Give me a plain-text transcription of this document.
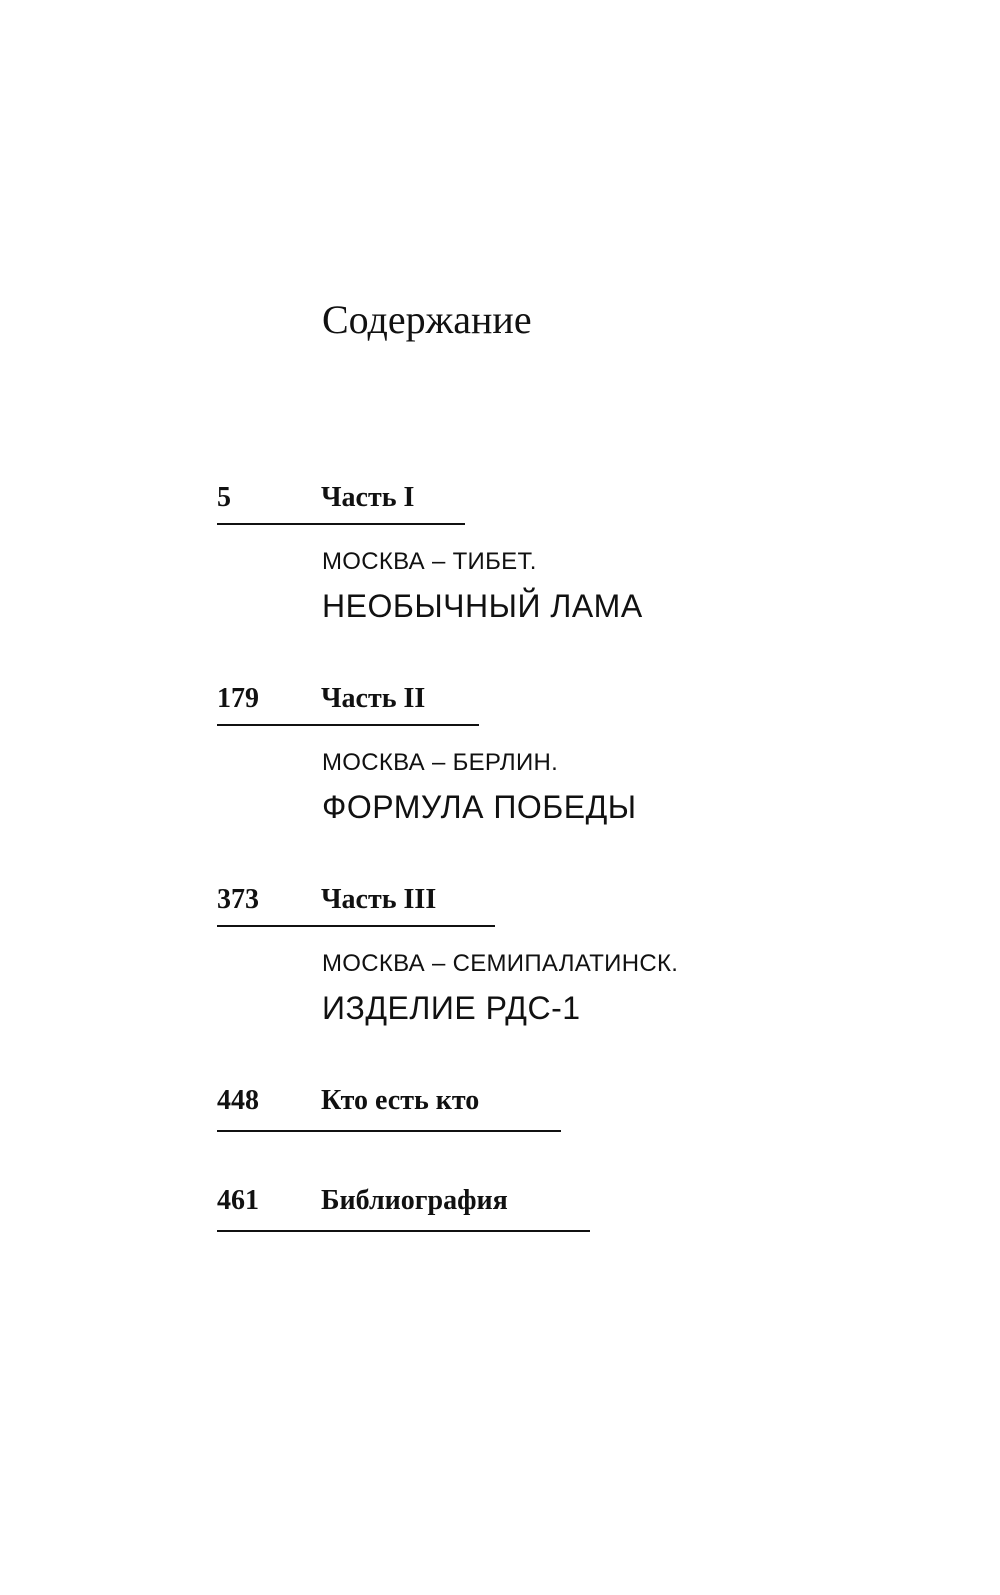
Содержание
5	Часть I
МОСКВА – ТИБЕТ.
НЕОБЫЧНЫЙ ЛАМА
179 Часть II
МОСКВА – БЕРЛИН.
ФОРМУЛА ПОБЕДЫ
373 Часть III
МОСКВА – СЕМИПАЛАТИНСК.
ИЗДЕЛИЕ РДС-1
448 Кто есть кто
461 Библиография
